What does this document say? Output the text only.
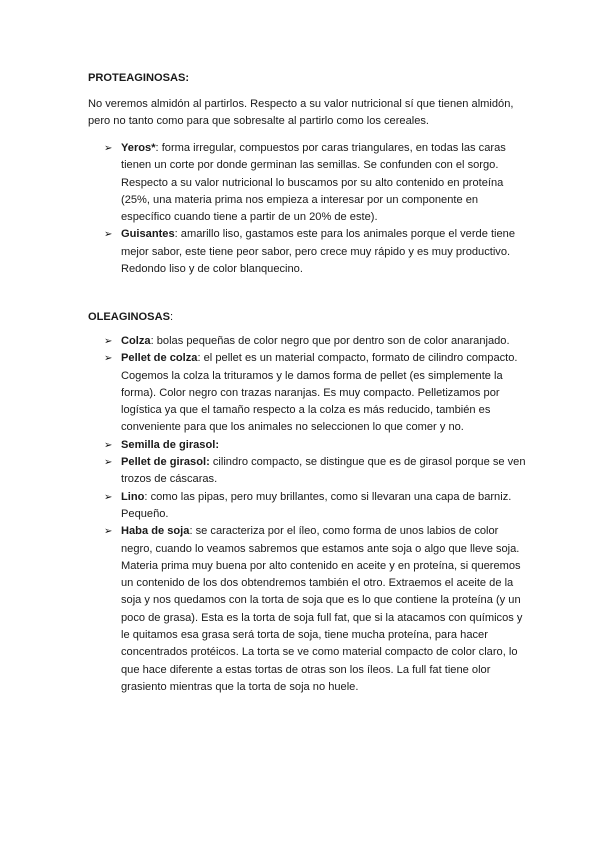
PROTEAGINOSAS:

No veremos almidón al partirlos. Respecto a su valor nutricional sí que tienen almidón, pero no tanto como para que sobresalte al partirlo como los cereales.

➢ Yeros*: forma irregular, compuestos por caras triangulares, en todas las caras tienen un corte por donde germinan las semillas. Se confunden con el sorgo. Respecto a su valor nutricional lo buscamos por su alto contenido en proteína (25%, una materia prima nos empieza a interesar por un componente en específico cuando tiene a partir de un 20% de este).
➢ Guisantes: amarillo liso, gastamos este para los animales porque el verde tiene mejor sabor, este tiene peor sabor, pero crece muy rápido y es muy productivo. Redondo liso y de color blanquecino.

OLEAGINOSAS:

➢ Colza: bolas pequeñas de color negro que por dentro son de color anaranjado.
➢ Pellet de colza: el pellet es un material compacto, formato de cilindro compacto. Cogemos la colza la trituramos y le damos forma de pellet (es simplemente la forma). Color negro con trazas naranjas. Es muy compacto. Pelletizamos por logística ya que el tamaño respecto a la colza es más reducido, también es conveniente para que los animales no seleccionen lo que comer y no.
➢ Semilla de girasol:
➢ Pellet de girasol: cilindro compacto, se distingue que es de girasol porque se ven trozos de cáscaras.
➢ Lino: como las pipas, pero muy brillantes, como si llevaran una capa de barniz. Pequeño.
➢ Haba de soja: se caracteriza por el íleo, como forma de unos labios de color negro, cuando lo veamos sabremos que estamos ante soja o algo que lleve soja. Materia prima muy buena por alto contenido en aceite y en proteína, si queremos un contenido de los dos obtendremos también el otro. Extraemos el aceite de la soja y nos quedamos con la torta de soja que es lo que contiene la proteína (y un poco de grasa). Esta es la torta de soja full fat, que si la atacamos con químicos y le quitamos esa grasa será torta de soja, tiene mucha proteína, para hacer concentrados protéicos. La torta se ve como material compacto de color claro, lo que hace diferente a estas tortas de otras son los íleos. La full fat tiene olor grasiento mientras que la torta de soja no huele.
